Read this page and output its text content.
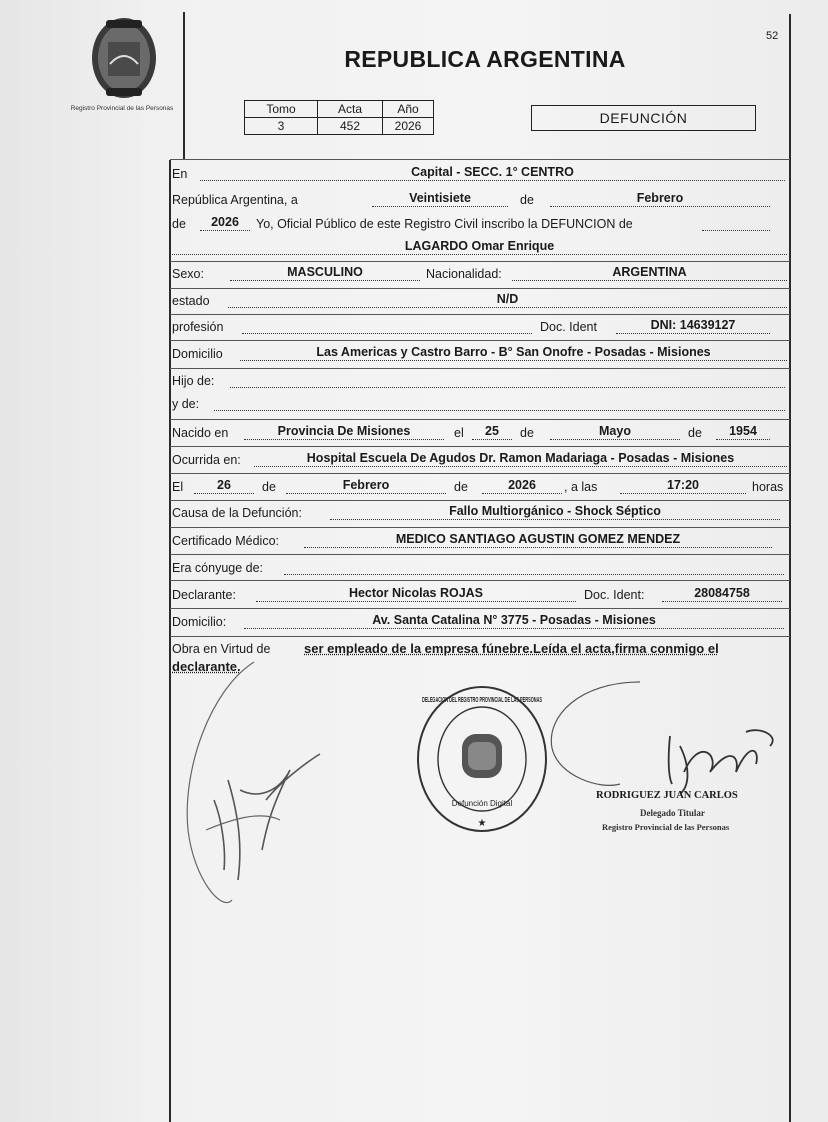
52
Registro Provincial de las Personas
REPUBLICA ARGENTINA
Tomo	Acta	Año
3	452	2026	DEFUNCIÓN
En	Capital - SECC. 1° CENTRO
República Argentina, a	Veintisiete	de	Febrero
de	2026	Yo, Oficial Público de este Registro Civil inscribo la DEFUNCION de
LAGARDO Omar Enrique
Sexo:	MASCULINO	Nacionalidad:	ARGENTINA
estado	N/D
profesión	Doc. Ident	DNI: 14639127
Domicilio	Las Americas y Castro Barro - B° San Onofre - Posadas - Misiones
Hijo de:
y de:
Nacido en	Provincia De Misiones	el	25	de	Mayo	de	1954
Ocurrida en:	Hospital Escuela De Agudos Dr. Ramon Madariaga - Posadas - Misiones
El	26	de	Febrero	de	2026	, a las	17:20	horas
Causa de la Defunción:	Fallo Multiorgánico - Shock Séptico
Certificado Médico:	MEDICO SANTIAGO AGUSTIN GOMEZ MENDEZ
Era cónyuge de:
Declarante:	Hector Nicolas ROJAS	Doc. Ident:	28084758
Domicilio:	Av. Santa Catalina N° 3775 - Posadas - Misiones
Obra en Virtud de	ser empleado de la empresa fúnebre.Leída el acta,firma conmigo el
declarante.
Defunción Digital
DELEGACION DEL REGISTRO PROVINCIAL DE LAS PERSONAS
★
RODRIGUEZ JUAN CARLOS
Delegado Titular
Registro Provincial de las Personas
